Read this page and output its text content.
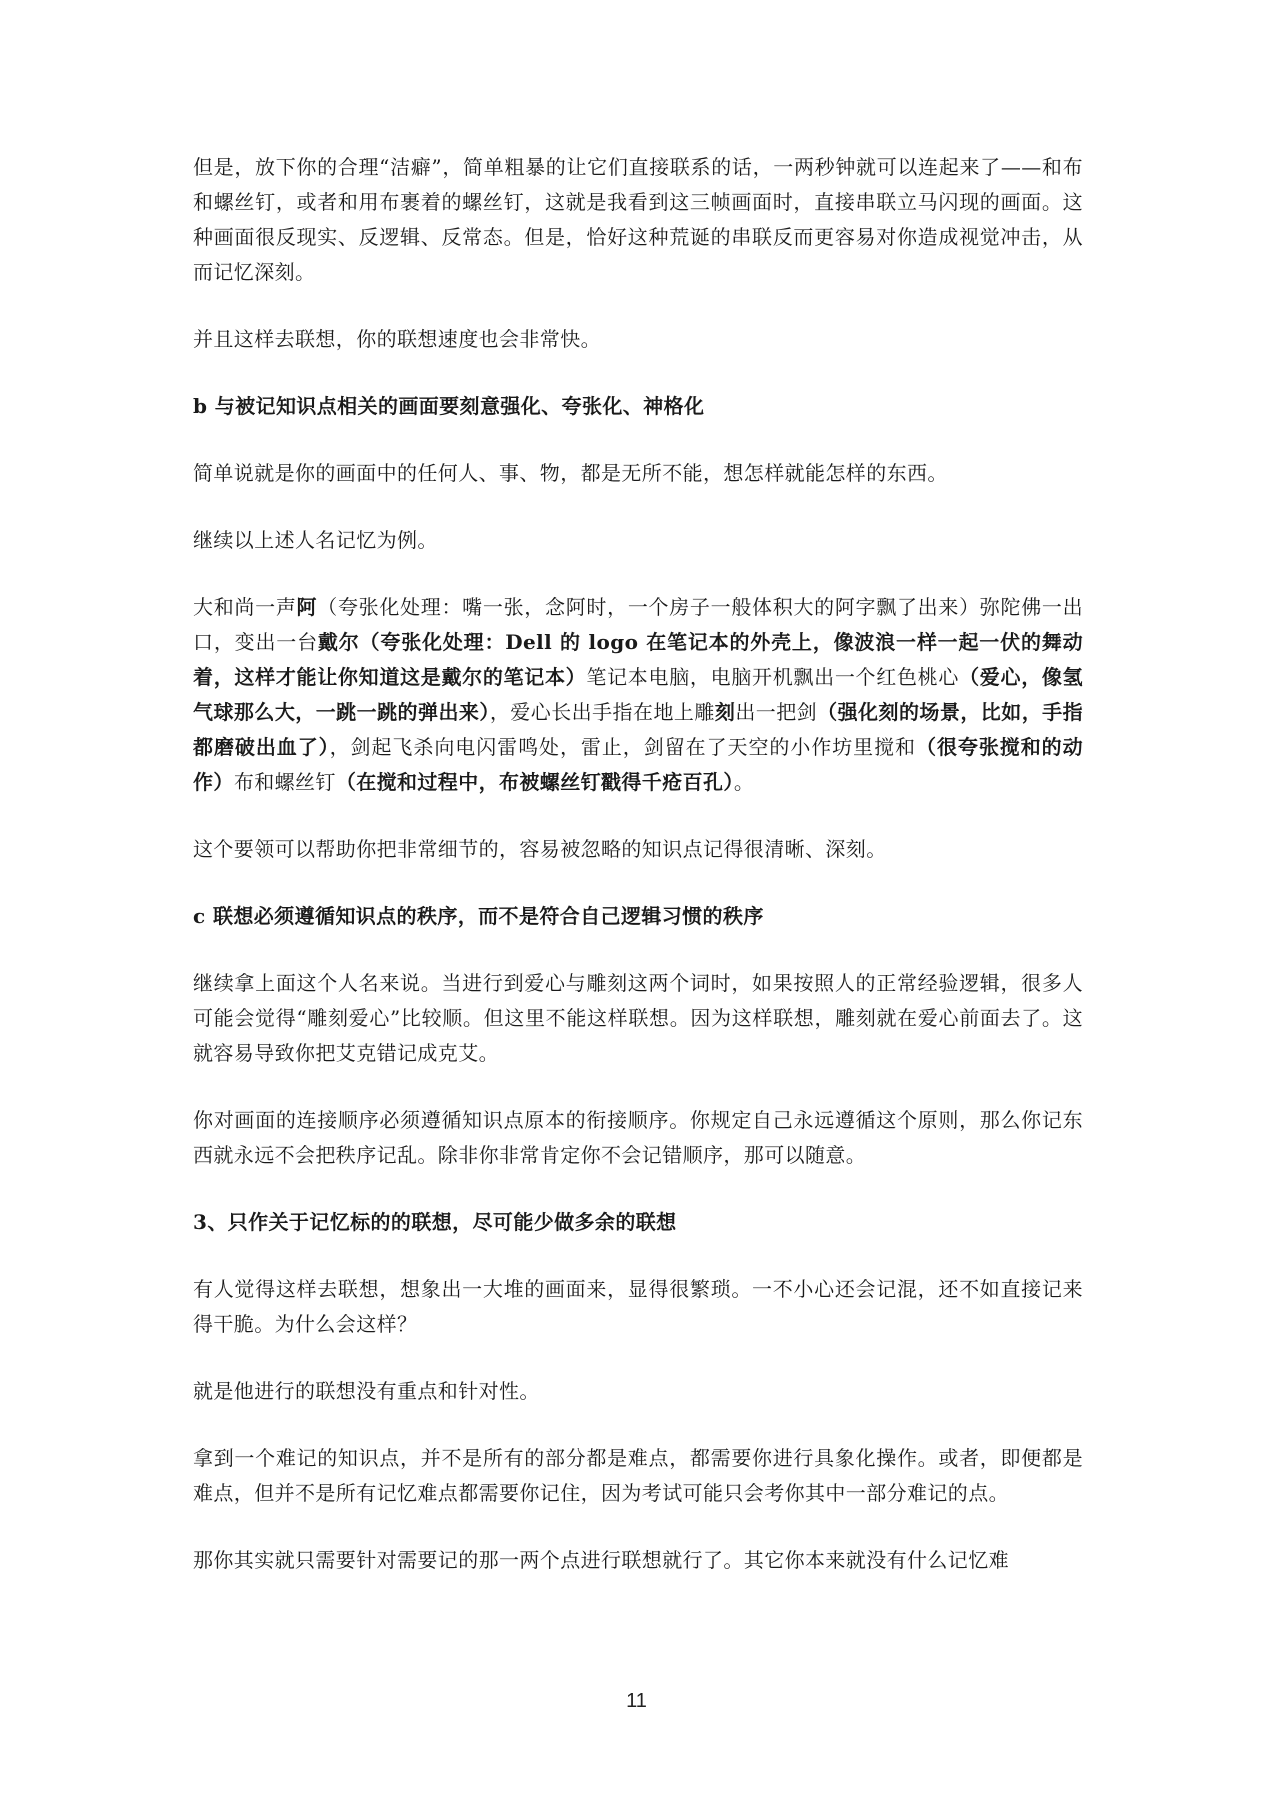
但是，放下你的合理“洁癖”，简单粗暴的让它们直接联系的话，一两秒钟就可以连起来了——和布和螺丝钉，或者和用布裹着的螺丝钉，这就是我看到这三帧画面时，直接串联立马闪现的画面。这种画面很反现实、反逻辑、反常态。但是，恰好这种荒诞的串联反而更容易对你造成视觉冲击，从而记忆深刻。

并且这样去联想，你的联想速度也会非常快。

b 与被记知识点相关的画面要刻意强化、夸张化、神格化

简单说就是你的画面中的任何人、事、物，都是无所不能，想怎样就能怎样的东西。

继续以上述人名记忆为例。

大和尚一声阿（夸张化处理：嘴一张，念阿时，一个房子一般体积大的阿字飘了出来）弥陀佛一出口，变出一台戴尔（夸张化处理：Dell 的 logo 在笔记本的外壳上，像波浪一样一起一伏的舞动着，这样才能让你知道这是戴尔的笔记本）笔记本电脑，电脑开机飘出一个红色桃心（爱心，像氢气球那么大，一跳一跳的弹出来），爱心长出手指在地上雕刻出一把剑（强化刻的场景，比如，手指都磨破出血了），剑起飞杀向电闪雷鸣处，雷止，剑留在了天空的小作坊里搅和（很夸张搅和的动作）布和螺丝钉（在搅和过程中，布被螺丝钉戳得千疮百孔）。

这个要领可以帮助你把非常细节的，容易被忽略的知识点记得很清晰、深刻。

c 联想必须遵循知识点的秩序，而不是符合自己逻辑习惯的秩序

继续拿上面这个人名来说。当进行到爱心与雕刻这两个词时，如果按照人的正常经验逻辑，很多人可能会觉得“雕刻爱心”比较顺。但这里不能这样联想。因为这样联想，雕刻就在爱心前面去了。这就容易导致你把艾克错记成克艾。

你对画面的连接顺序必须遵循知识点原本的衔接顺序。你规定自己永远遵循这个原则，那么你记东西就永远不会把秩序记乱。除非你非常肯定你不会记错顺序，那可以随意。

3、只作关于记忆标的的联想，尽可能少做多余的联想

有人觉得这样去联想，想象出一大堆的画面来，显得很繁琐。一不小心还会记混，还不如直接记来得干脆。为什么会这样？

就是他进行的联想没有重点和针对性。

拿到一个难记的知识点，并不是所有的部分都是难点，都需要你进行具象化操作。或者，即便都是难点，但并不是所有记忆难点都需要你记住，因为考试可能只会考你其中一部分难记的点。

那你其实就只需要针对需要记的那一两个点进行联想就行了。其它你本来就没有什么记忆难

11
